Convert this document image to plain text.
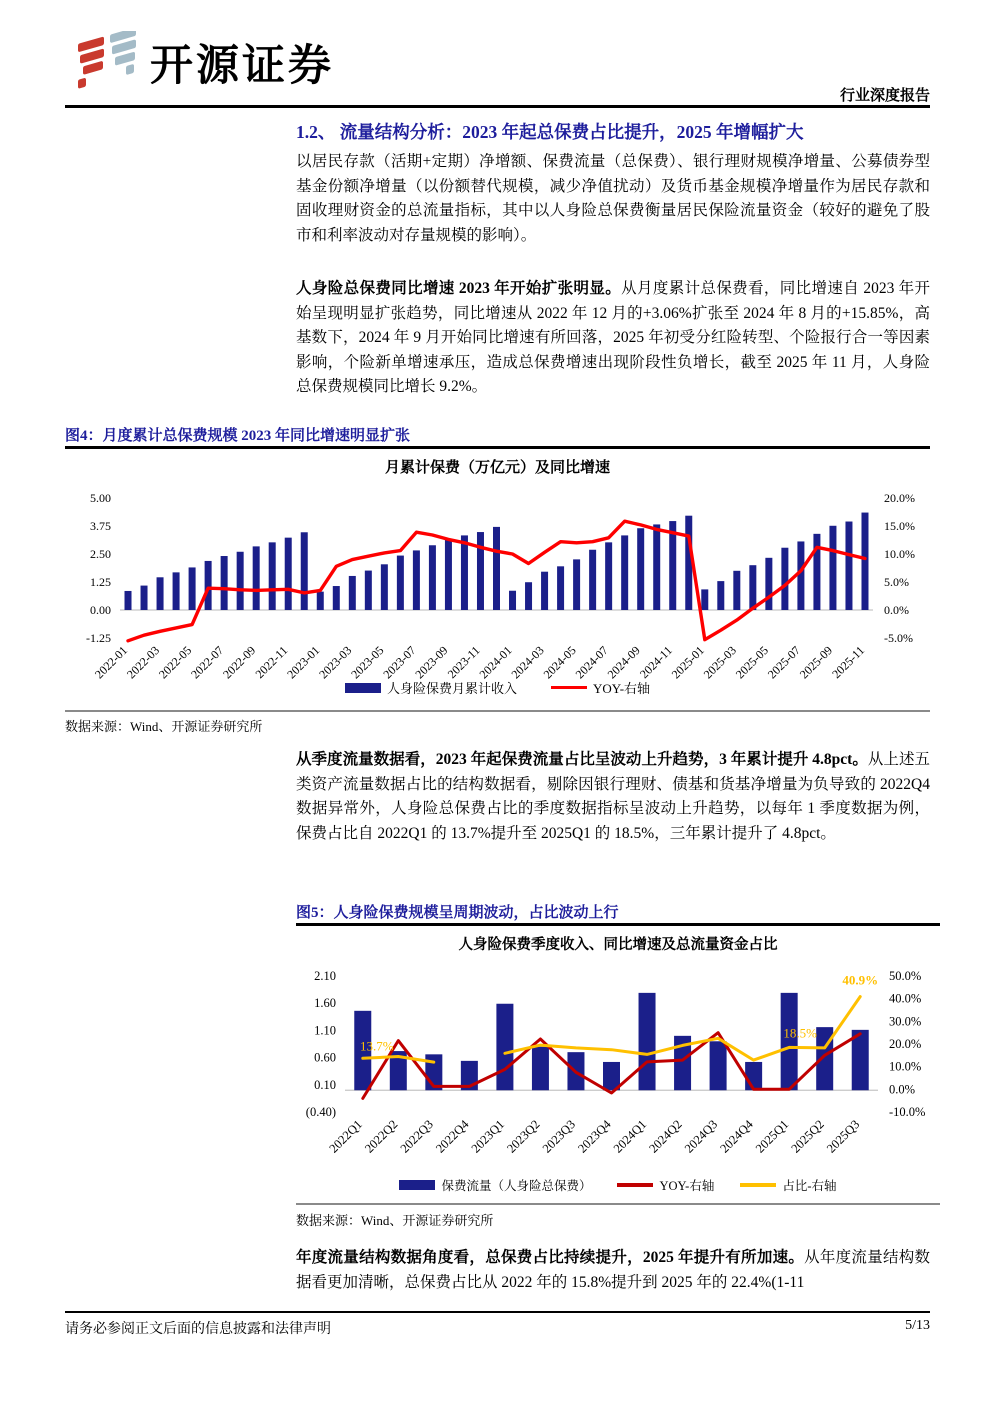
开源证券
行业深度报告
1.2、 流量结构分析：2023 年起总保费占比提升，2025 年增幅扩大

以居民存款（活期+定期）净增额、保费流量（总保费）、银行理财规模净增量、公募债券型基金份额净增量（以份额替代规模，减少净值扰动）及货币基金规模净增量作为居民存款和固收理财资金的总流量指标，其中以人身险总保费衡量居民保险流量资金（较好的避免了股市和利率波动对存量规模的影响）。

人身险总保费同比增速 2023 年开始扩张明显。从月度累计总保费看，同比增速自 2023 年开始呈现明显扩张趋势，同比增速从 2022 年 12 月的+3.06%扩张至 2024 年 8 月的+15.85%，高基数下，2024 年 9 月开始同比增速有所回落，2025 年初受分红险转型、个险报行合一等因素影响，个险新单增速承压，造成总保费增速出现阶段性负增长，截至 2025 年 11 月，人身险总保费规模同比增长 9.2%。

图4：月度累计总保费规模 2023 年同比增速明显扩张
月累计保费（万亿元）及同比增速
5.00
3.75
2.50
1.25
0.00
-1.25
20.0%
15.0%
10.0%
5.0%
0.0%
-5.0%
2022-01
2022-03
2022-05
2022-07
2022-09
2022-11
2023-01
2023-03
2023-05
2023-07
2023-09
2023-11
2024-01
2024-03
2024-05
2024-07
2024-09
2024-11
2025-01
2025-03
2025-05
2025-07
2025-09
2025-11
人身险保费月累计收入	YOY-右轴
数据来源：Wind、开源证券研究所

从季度流量数据看，2023 年起保费流量占比呈波动上升趋势，3 年累计提升 4.8pct。从上述五类资产流量数据占比的结构数据看，剔除因银行理财、债基和货基净增量为负导致的 2022Q4 数据异常外，人身险总保费占比的季度数据指标呈波动上升趋势，以每年 1 季度数据为例，保费占比自 2022Q1 的 13.7%提升至 2025Q1 的 18.5%，三年累计提升了 4.8pct。

图5：人身险保费规模呈周期波动，占比波动上行
人身险保费季度收入、同比增速及总流量资金占比
2.10
1.60
1.10
0.60
0.10
(0.40)
50.0%
40.0%
30.0%
20.0%
10.0%
0.0%
-10.0%
2022Q1
2022Q2
2022Q3
2022Q4
2023Q1
2023Q2
2023Q3
2023Q4
2024Q1
2024Q2
2024Q3
2024Q4
2025Q1
2025Q2
2025Q3
13.7%
18.5%
40.9%
保费流量（人身险总保费）	YOY-右轴	占比-右轴
数据来源：Wind、开源证券研究所

年度流量结构数据角度看，总保费占比持续提升，2025 年提升有所加速。从年度流量结构数据看更加清晰，总保费占比从 2022 年的 15.8%提升到 2025 年的 22.4%(1-11

请务必参阅正文后面的信息披露和法律声明	5/13
